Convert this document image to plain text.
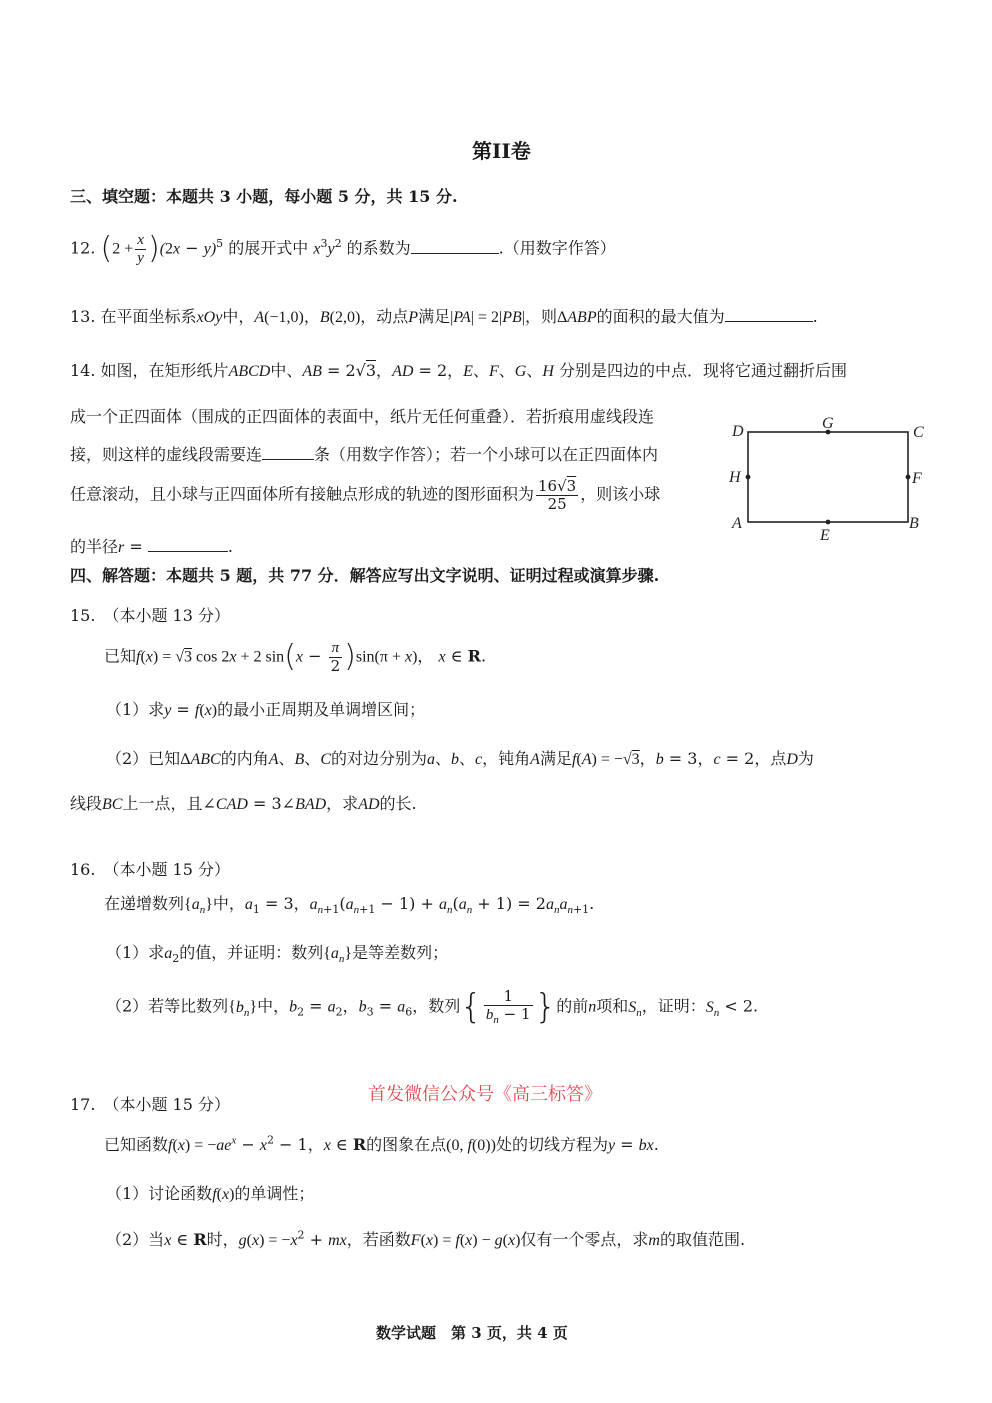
第II卷
三、填空题：本题共 3 小题，每小题 5 分，共 15 分.
12. $(2 + \frac{x}{y} )(2x - y)^5$ 的展开式中 $x^3y^2$ 的系数为	.（用数字作答）
13. 在平面坐标系xOy中，A(−1,0)，B(2,0)，动点P满足|PA| = 2|PB|，则ΔABP的面积的最大值为	.
14. 如图，在矩形纸片ABCD中、AB = 2√3，AD = 2，E、F、G、H 分别是四边的中点．现将它通过翻折后围
成一个正四面体（围成的正四面体的表面中，纸片无任何重叠）．若折痕用虚线段连
接，则这样的虚线段需要连	条（用数字作答）；若一个小球可以在正四面体内
任意滚动，且小球与正四面体所有接触点形成的轨迹的图形面积为 $\frac{16√3}{25}$ ，则该小球
的半径r =	.
D	G
C
H	F
A
E
B
四、解答题：本题共 5 题，共 77 分．解答应写出文字说明、证明过程或演算步骤.
15. （本小题 13 分）
已知f(x) = √3 cos 2x + 2 $\sin(x - \frac{\pi}{2} )\sin(\pi + x)$， x ∈ R.
（1）求y = f(x)的最小正周期及单调增区间；
（2）已知ΔABC的内角A、B、C的对边分别为a、b、c，钝角A满足f(A) = −√3，b = 3，c = 2，点D为
线段BC上一点，且∠CAD = 3∠BAD，求AD的长.
16. （本小题 15 分）
在递增数列$\{a_n\}$中，$a_1 = 3$，$a_{n+1}(a_{n+1} - 1) + a_n(a_n + 1) = 2a_na_{n+1}$.
（1）求$a_2$的值，并证明：数列$\{a_n\}$是等差数列；
（2）若等比数列$\{b_n\}$中，$b_2 = a_2$，$b_3 = a_6$，数列{ $\frac{1}{b_n - 1}$ }的前n项和$S_n$，证明：$S_n < 2$.
首发微信公众号《高三标答》
17. （本小题 15 分）
已知函数$f(x) = -ae^x - x^2 - 1$，x ∈ R的图象在点(0, f(0))处的切线方程为y = bx.
（1）讨论函数f(x)的单调性；
（2）当x ∈ R时，$g(x) = -x^2$ + mx，若函数F(x) = f(x) − g(x)仅有一个零点，求m的取值范围.
数学试题　第 3 页，共 4 页
